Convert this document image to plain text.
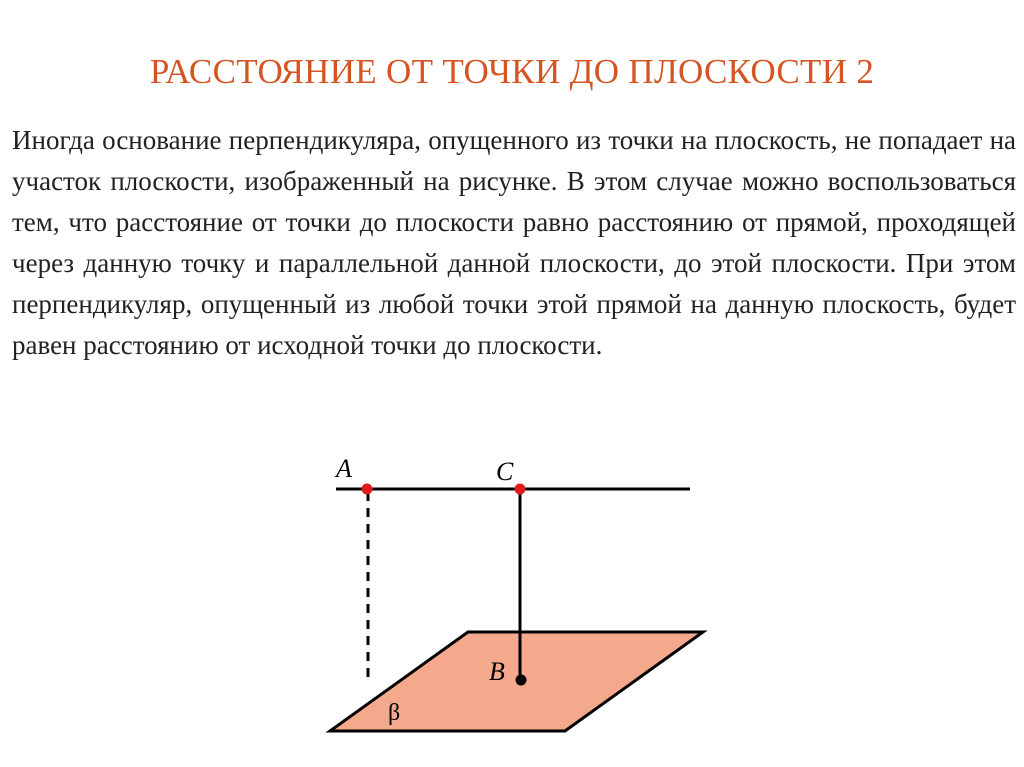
РАССТОЯНИЕ ОТ ТОЧКИ ДО ПЛОСКОСТИ 2

Иногда основание перпендикуляра, опущенного из точки на плоскость, не попадает на участок плоскости, изображенный на рисунке. В этом случае можно воспользоваться тем, что расстояние от точки до плоскости равно расстоянию от прямой, проходящей через данную точку и параллельной данной плоскости, до этой плоскости. При этом перпендикуляр, опущенный из любой точки этой прямой на данную плоскость, будет равен расстоянию от исходной точки до плоскости.

A	C
B
β
